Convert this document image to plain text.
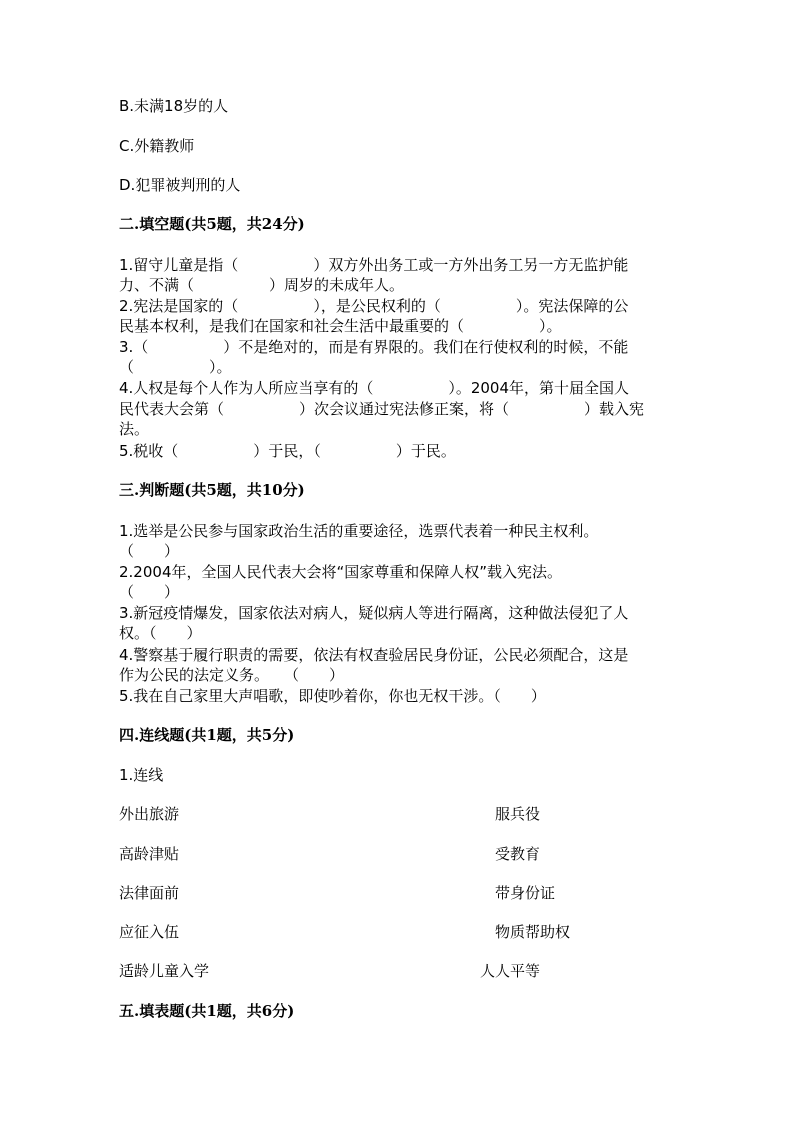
B.未满18岁的人
C.外籍教师
D.犯罪被判刑的人
二.填空题(共5题，共24分)
1.留守儿童是指（　　　　　）双方外出务工或一方外出务工另一方无监护能
力、不满（　　　　　）周岁的未成年人。
2.宪法是国家的（　　　　　），是公民权利的（　　　　　）。宪法保障的公
民基本权利，是我们在国家和社会生活中最重要的（　　　　　）。
3.（　　　　　）不是绝对的，而是有界限的。我们在行使权利的时候，不能
（　　　　　）。
4.人权是每个人作为人所应当享有的（　　　　　）。2004年，第十届全国人
民代表大会第（　　　　　）次会议通过宪法修正案，将（　　　　　）载入宪
法。
5.税收（　　　　　）于民，（　　　　　）于民。
三.判断题(共5题，共10分)
1.选举是公民参与国家政治生活的重要途径，选票代表着一种民主权利。
（　　）
2.2004年，全国人民代表大会将“国家尊重和保障人权”载入宪法。
（　　）
3.新冠疫情爆发，国家依法对病人，疑似病人等进行隔离，这种做法侵犯了人
权。（　　）
4.警察基于履行职责的需要，依法有权查验居民身份证，公民必须配合，这是
作为公民的法定义务。　　（　　）
5.我在自己家里大声唱歌，即使吵着你，你也无权干涉。（　　）
四.连线题(共1题，共5分)
1.连线
外出旅游	服兵役
高龄津贴	受教育
法律面前	带身份证
应征入伍	物质帮助权
适龄儿童入学	人人平等
五.填表题(共1题，共6分)
